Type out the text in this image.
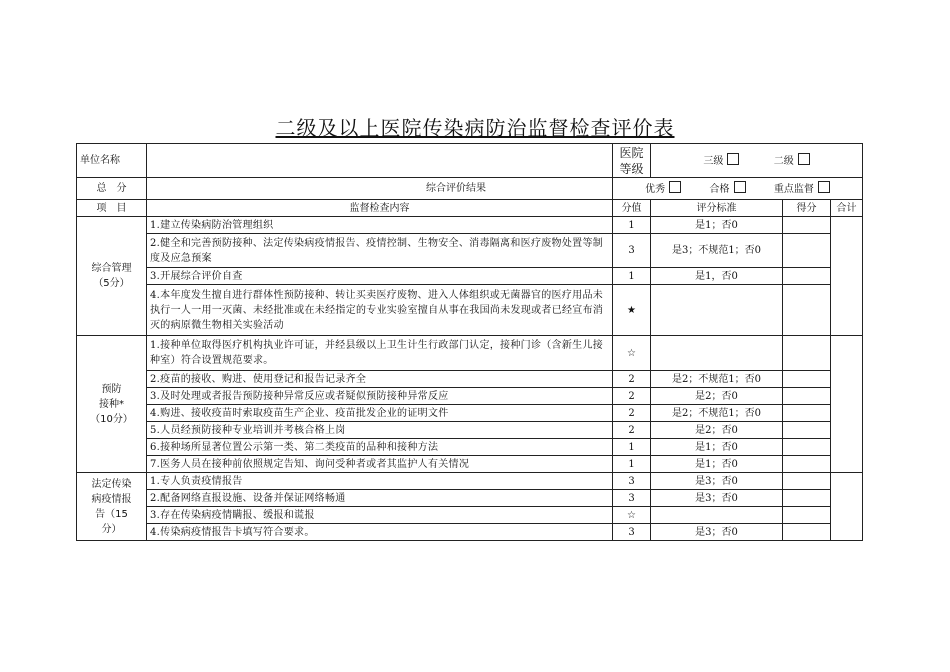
二级及以上医院传染病防治监督检查评价表
单位名称		医院等级	三级 二级		
总　分	综合评价结果	优秀 合格 重点监督			
项　目	监督检查内容	分值	评分标准	得分	合计

综合管理
（5分）	1.建立传染病防治管理组织	1	是1；否0		
	2.健全和完善预防接种、法定传染病疫情报告、疫情控制、生物安全、消毒隔离和医疗废物处置等制度及应急预案	3	是3；不规范1；否0		
	3.开展综合评价自查	1	是1，否0		
	4.本年度发生擅自进行群体性预防接种、转让买卖医疗废物、进入人体组织或无菌器官的医疗用品未执行一人一用一灭菌、未经批准或在未经指定的专业实验室擅自从事在我国尚未发现或者已经宣布消灭的病原微生物相关实验活动	★			

预防
接种*
（10分）	1.接种单位取得医疗机构执业许可证，并经县级以上卫生计生行政部门认定，接种门诊（含新生儿接种室）符合设置规范要求。	☆			
	2.疫苗的接收、购进、使用登记和报告记录齐全	2	是2；不规范1；否0		
	3.及时处理或者报告预防接种异常反应或者疑似预防接种异常反应	2	是2；否0		
	4.购进、接收疫苗时索取疫苗生产企业、疫苗批发企业的证明文件	2	是2；不规范1；否0		
	5.人员经预防接种专业培训并考核合格上岗	2	是2；否0		
	6.接种场所显著位置公示第一类、第二类疫苗的品种和接种方法	1	是1；否0		
	7.医务人员在接种前依照规定告知、询问受种者或者其监护人有关情况	1	是1；否0		

法定传染
病疫情报
告（15
分）	1.专人负责疫情报告	3	是3；否0		
	2.配备网络直报设施、设备并保证网络畅通	3	是3；否0		
	3.存在传染病疫情瞒报、缓报和谎报	☆			
	4.传染病疫情报告卡填写符合要求。	3	是3；否0		
